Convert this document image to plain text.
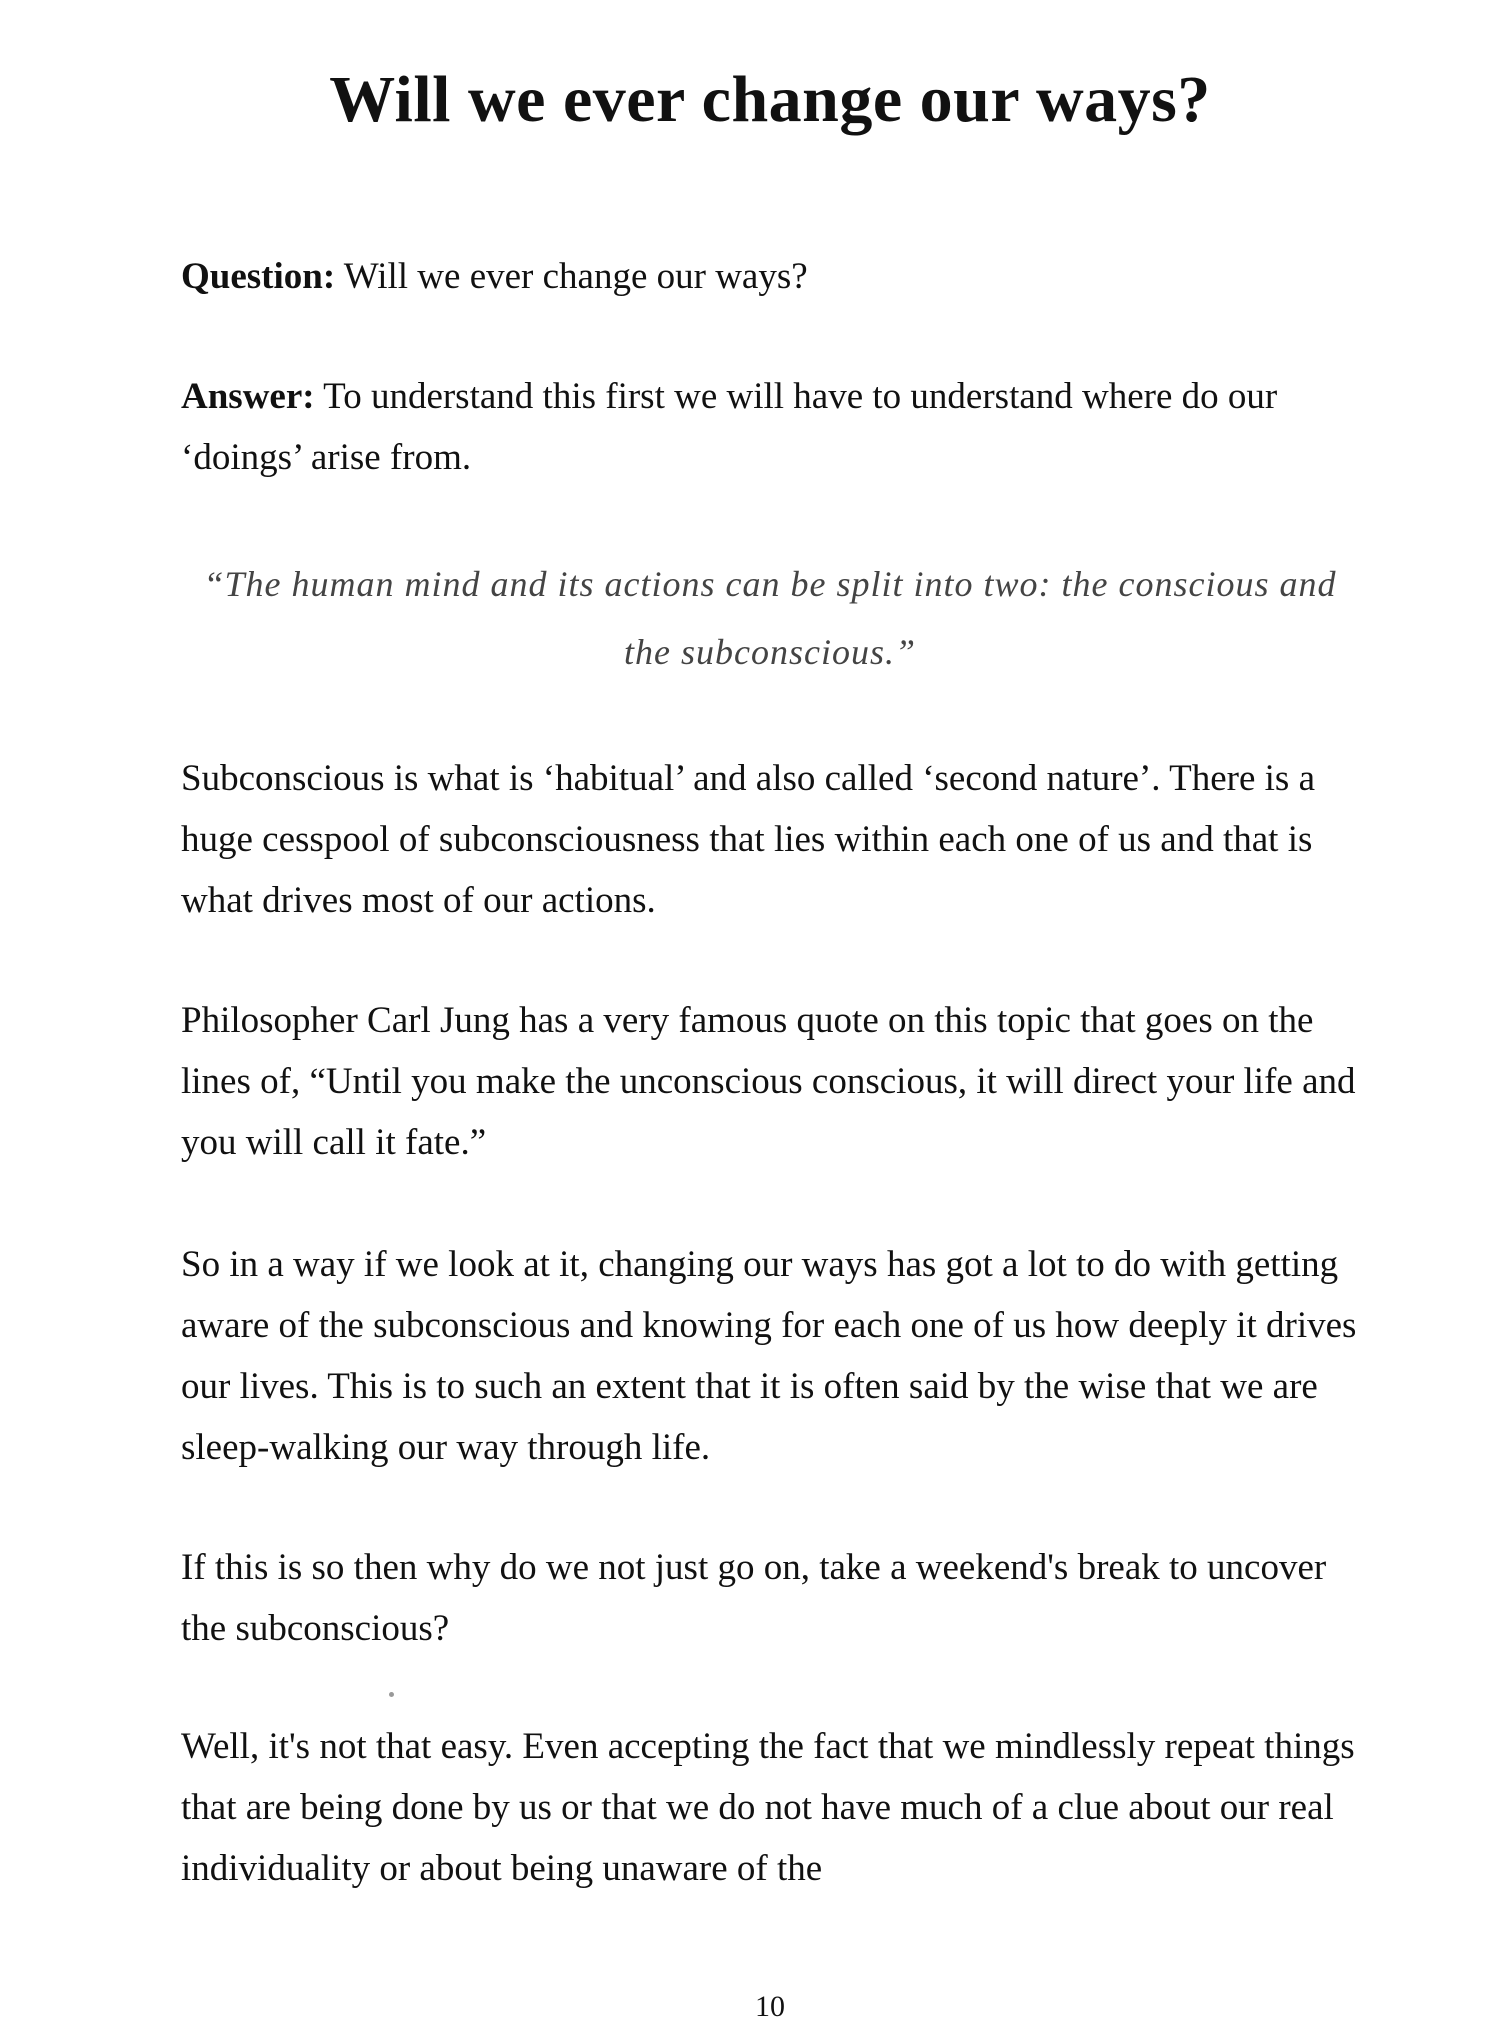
Will we ever change our ways?

Question: Will we ever change our ways?

Answer: To understand this first we will have to understand where do our ‘doings’ arise from.

“The human mind and its actions can be split into two: the conscious and the subconscious.”

Subconscious is what is ‘habitual’ and also called ‘second nature’. There is a huge cesspool of subconsciousness that lies within each one of us and that is what drives most of our actions.

Philosopher Carl Jung has a very famous quote on this topic that goes on the lines of, “Until you make the unconscious conscious, it will direct your life and you will call it fate.”

So in a way if we look at it, changing our ways has got a lot to do with getting aware of the subconscious and knowing for each one of us how deeply it drives our lives. This is to such an extent that it is often said by the wise that we are sleep-walking our way through life.

If this is so then why do we not just go on, take a weekend's break to uncover the subconscious?

Well, it's not that easy. Even accepting the fact that we mindlessly repeat things that are being done by us or that we do not have much of a clue about our real individuality or about being unaware of the

10
